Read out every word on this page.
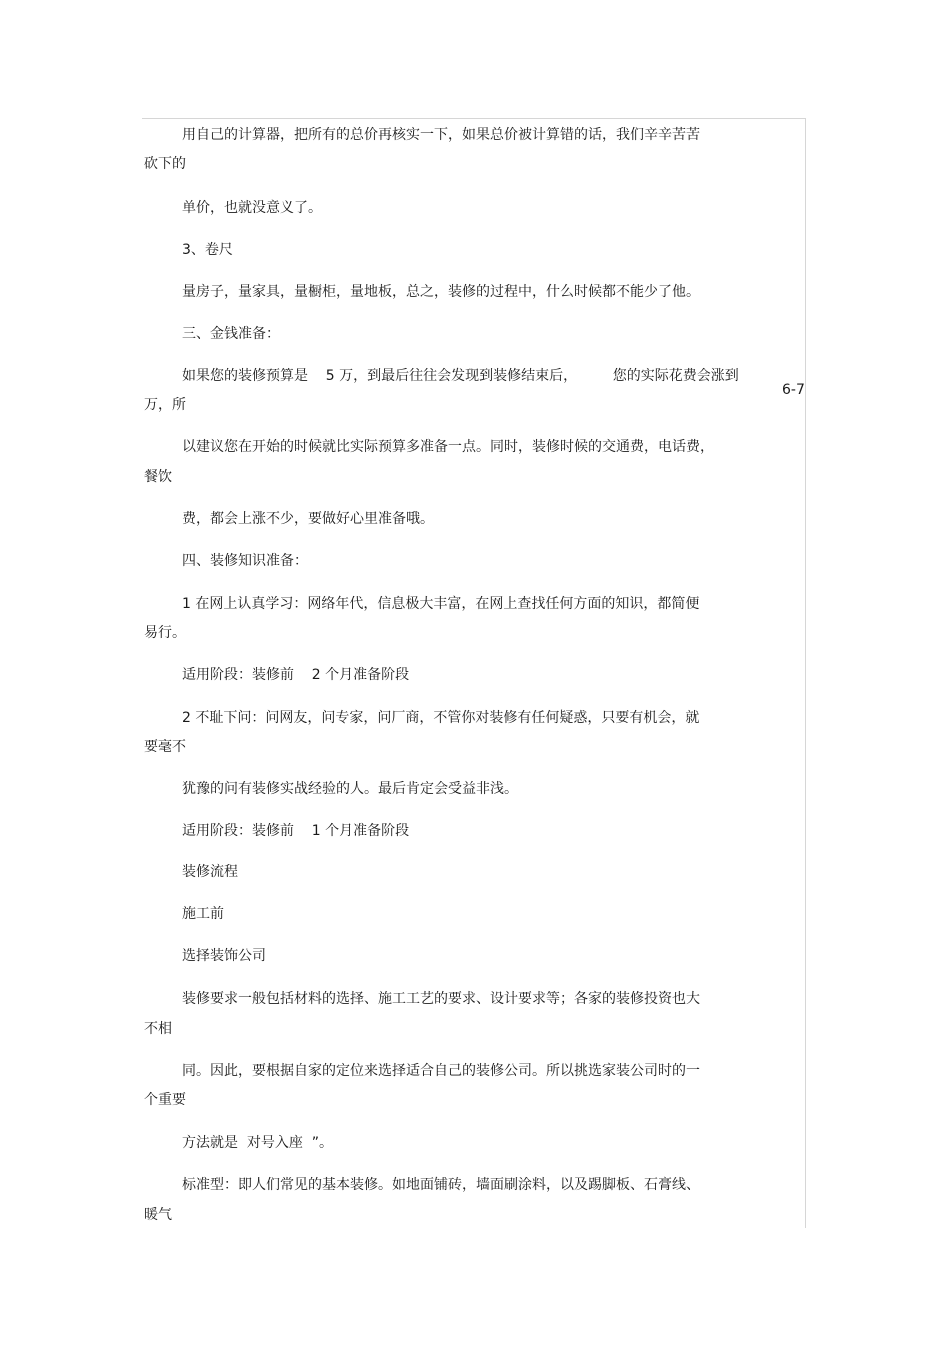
用自己的计算器，把所有的总价再核实一下，如果总价被计算错的话，我们辛辛苦苦

砍下的

单价，也就没意义了。

3、卷尺

量房子，量家具，量橱柜，量地板，总之，装修的过程中，什么时候都不能少了他。

三、金钱准备：

如果您的装修预算是    5 万，到最后往往会发现到装修结束后，        您的实际花费会涨到

6-7

万，所

以建议您在开始的时候就比实际预算多准备一点。同时，装修时候的交通费，电话费，

餐饮

费，都会上涨不少，要做好心里准备哦。

四、装修知识准备：

1 在网上认真学习：网络年代，信息极大丰富，在网上查找任何方面的知识，都简便

易行。

适用阶段：装修前    2 个月准备阶段

2 不耻下问：问网友，问专家，问厂商，不管你对装修有任何疑惑，只要有机会，就

要毫不

犹豫的问有装修实战经验的人。最后肯定会受益非浅。

适用阶段：装修前    1 个月准备阶段

装修流程

施工前

选择装饰公司

装修要求一般包括材料的选择、施工工艺的要求、设计要求等；各家的装修投资也大

不相

同。因此，要根据自家的定位来选择适合自己的装修公司。所以挑选家装公司时的一

个重要

方法就是  对号入座  ”。

标准型：即人们常见的基本装修。如地面铺砖，墙面刷涂料，以及踢脚板、石膏线、

暖气
